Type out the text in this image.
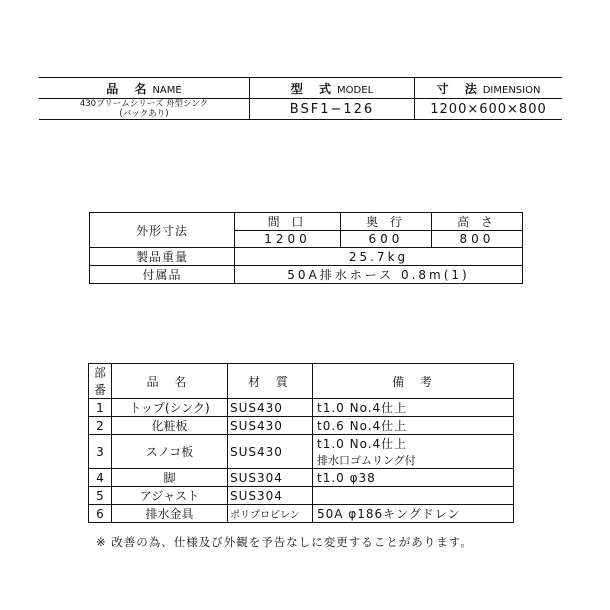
品 名NAME	型 式MODEL	寸 法DIMENSION

430ブリームシリーズ 舟型シンク
(バックあり)	BSF1−126	1200×600×800
外形寸法	間 口	奥 行	高 さ
	1200	600	800
製品重量	25.7kg		
付属品	50A排水ホース 0.8m(1)		
部番	品 名	材 質	備 考
1	トップ(シンク)	SUS430	t1.0 No.4仕上
2	化粧板	SUS430	t0.6 No.4仕上
3	スノコ板	SUS430	t1.0 No.4仕上
排水口ゴムリング付

4	脚	SUS304	t1.0 φ38
5	アジャスト	SUS304	
6	排水金具	ポリプロピレン	50A φ186キングドレン
※ 改善の為、仕様及び外観を予告なしに変更することがあります。
